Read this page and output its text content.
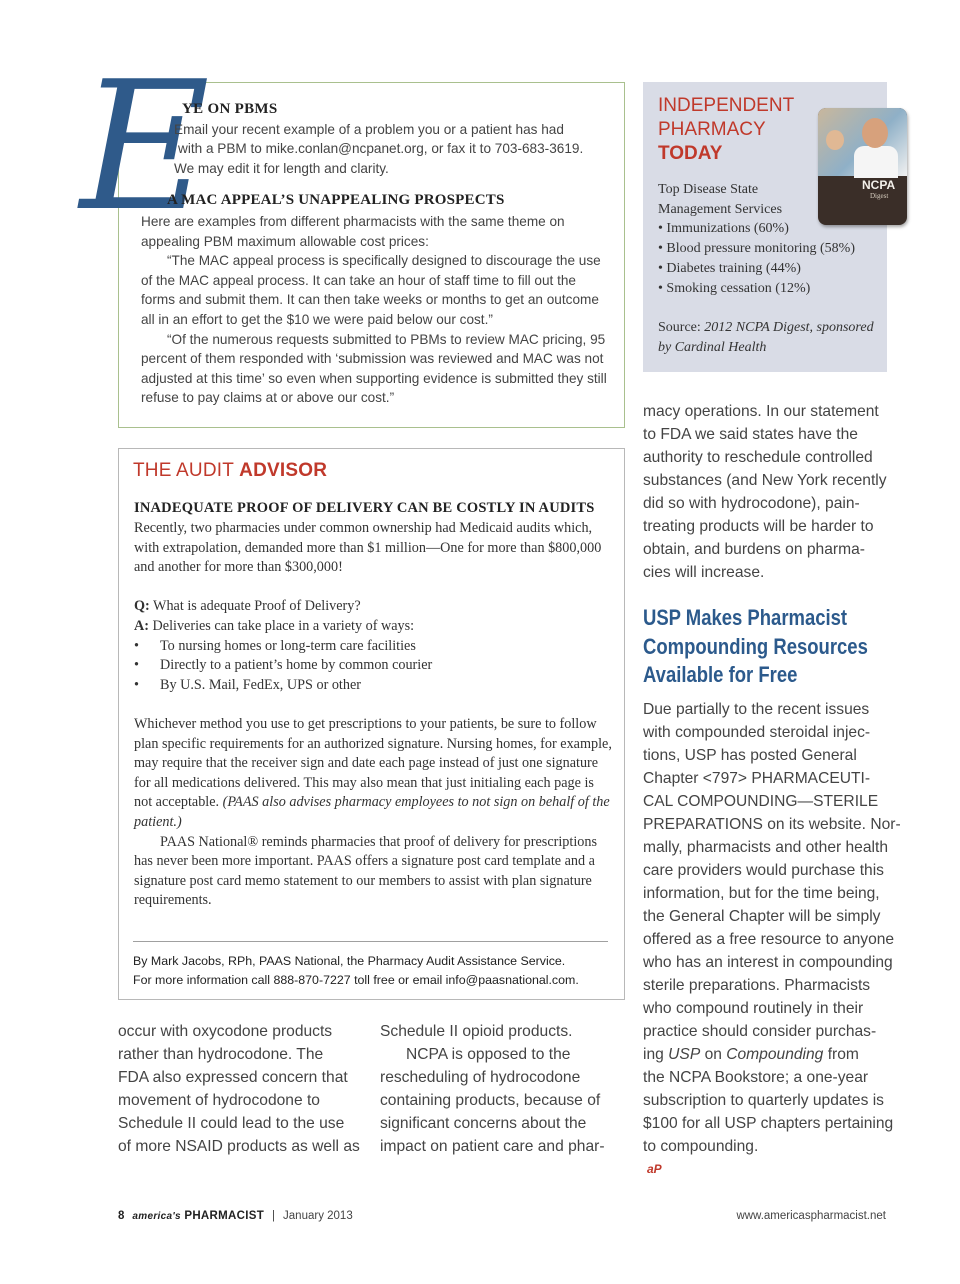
E
YE ON PBMS
Email your recent example of a problem you or a patient has had
with a PBM to mike.conlan@ncpanet.org, or fax it to 703-683-3619.
We may edit it for length and clarity.
A MAC APPEAL’S UNAPPEALING PROSPECTS

Here are examples from different pharmacists with the same theme on appealing PBM maximum allowable cost prices:

“The MAC appeal process is specifically designed to discourage the use of the MAC appeal process. It can take an hour of staff time to fill out the forms and submit them. It can then take weeks or months to get an outcome all in an effort to get the $10 we were paid below our cost.”

“Of the numerous requests submitted to PBMs to review MAC pricing, 95 percent of them responded with ‘submission was reviewed and MAC was not adjusted at this time’ so even when supporting evidence is submitted they still refuse to pay claims at or above our cost.”

THE AUDIT ADVISOR
INADEQUATE PROOF OF DELIVERY CAN BE COSTLY IN AUDITS

Recently, two pharmacies under common ownership had Medicaid audits which, with extrapolation, demanded more than $1 million—One for more than $800,000 and another for more than $300,000!

Q: What is adequate Proof of Delivery?

A: Deliveries can take place in a variety of ways:

• To nursing homes or long-term care facilities
• Directly to a patient’s home by common courier
• By U.S. Mail, FedEx, UPS or other

Whichever method you use to get prescriptions to your patients, be sure to follow plan specific requirements for an authorized signature. Nursing homes, for example, may require that the receiver sign and date each page instead of just one signature for all medications delivered. This may also mean that just initialing each page is not acceptable. (PAAS also advises pharmacy employees to not sign on behalf of the patient.)

PAAS National® reminds pharmacies that proof of delivery for prescriptions has never been more important. PAAS offers a signature post card template and a signature post card memo statement to our members to assist with plan signature requirements.

By Mark Jacobs, RPh, PAAS National, the Pharmacy Audit Assistance Service.
For more information call 888-870-7227 toll free or email info@paasnational.com.
INDEPENDENT
PHARMACY
TODAY
NCPA
Digest
Top Disease State
Management Services
• Immunizations (60%)
• Blood pressure monitoring (58%)
• Diabetes training (44%)
• Smoking cessation (12%)
Source: 2012 NCPA Digest, sponsored
by Cardinal Health
occur with oxycodone products
rather than hydrocodone. The
FDA also expressed concern that
movement of hydrocodone to
Schedule II could lead to the use
of more NSAID products as well as
Schedule II opioid products.
NCPA is opposed to the
rescheduling of hydrocodone
containing products, because of
significant concerns about the
impact on patient care and phar-
macy operations. In our statement
to FDA we said states have the
authority to reschedule controlled
substances (and New York recently
did so with hydrocodone), pain-
treating products will be harder to
obtain, and burdens on pharma-
cies will increase.
USP Makes Pharmacist
Compounding Resources
Available for Free
Due partially to the recent issues
with compounded steroidal injec-
tions, USP has posted General
Chapter <797> PHARMACEUTI-
CAL COMPOUNDING—STERILE
PREPARATIONS on its website. Nor-
mally, pharmacists and other health
care providers would purchase this
information, but for the time being,
the General Chapter will be simply
offered as a free resource to anyone
who has an interest in compounding
sterile preparations. Pharmacists
who compound routinely in their
practice should consider purchas-
ing USP on Compounding from
the NCPA Bookstore; a one-year
subscription to quarterly updates is
$100 for all USP chapters pertaining
to compounding.
aP
8 america's PHARMACIST | January 2013	www.americaspharmacist.net
